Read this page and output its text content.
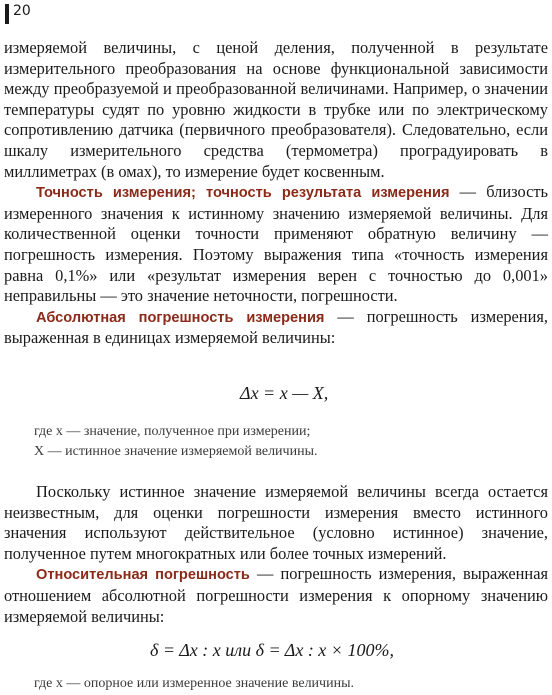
20

измеряемой величины, с ценой деления, полученной в результате измерительного преобразования на основе функциональной зависимости между преобразуемой и преобразованной величинами. Например, о значении температуры судят по уровню жидкости в трубке или по электрическому сопротивлению датчика (первичного преобразователя). Следовательно, если шкалу измерительного средства (термометра) проградуировать в миллиметрах (в омах), то измерение будет косвенным.

Точность измерения; точность результата измерения — близость измеренного значения к истинному значению измеряемой величины. Для количественной оценки точности применяют обратную величину — погрешность измерения. Поэтому выражения типа «точность измерения равна 0,1%» или «результат измерения верен с точностью до 0,001» неправильны — это значение неточности, погрешности.

Абсолютная погрешность измерения — погрешность измерения, выраженная в единицах измеряемой величины:

Δx = x — X,
где x — значение, полученное при измерении;
X — истинное значение измеряемой величины.

Поскольку истинное значение измеряемой величины всегда остается неизвестным, для оценки погрешности измерения вместо истинного значения используют действительное (условно истинное) значение, полученное путем многократных или более точных измерений.

Относительная погрешность — погрешность измерения, выраженная отношением абсолютной погрешности измерения к опорному значению измеряемой величины:

δ = Δx : x или δ = Δx : x × 100%,
где x — опорное или измеренное значение величины.
